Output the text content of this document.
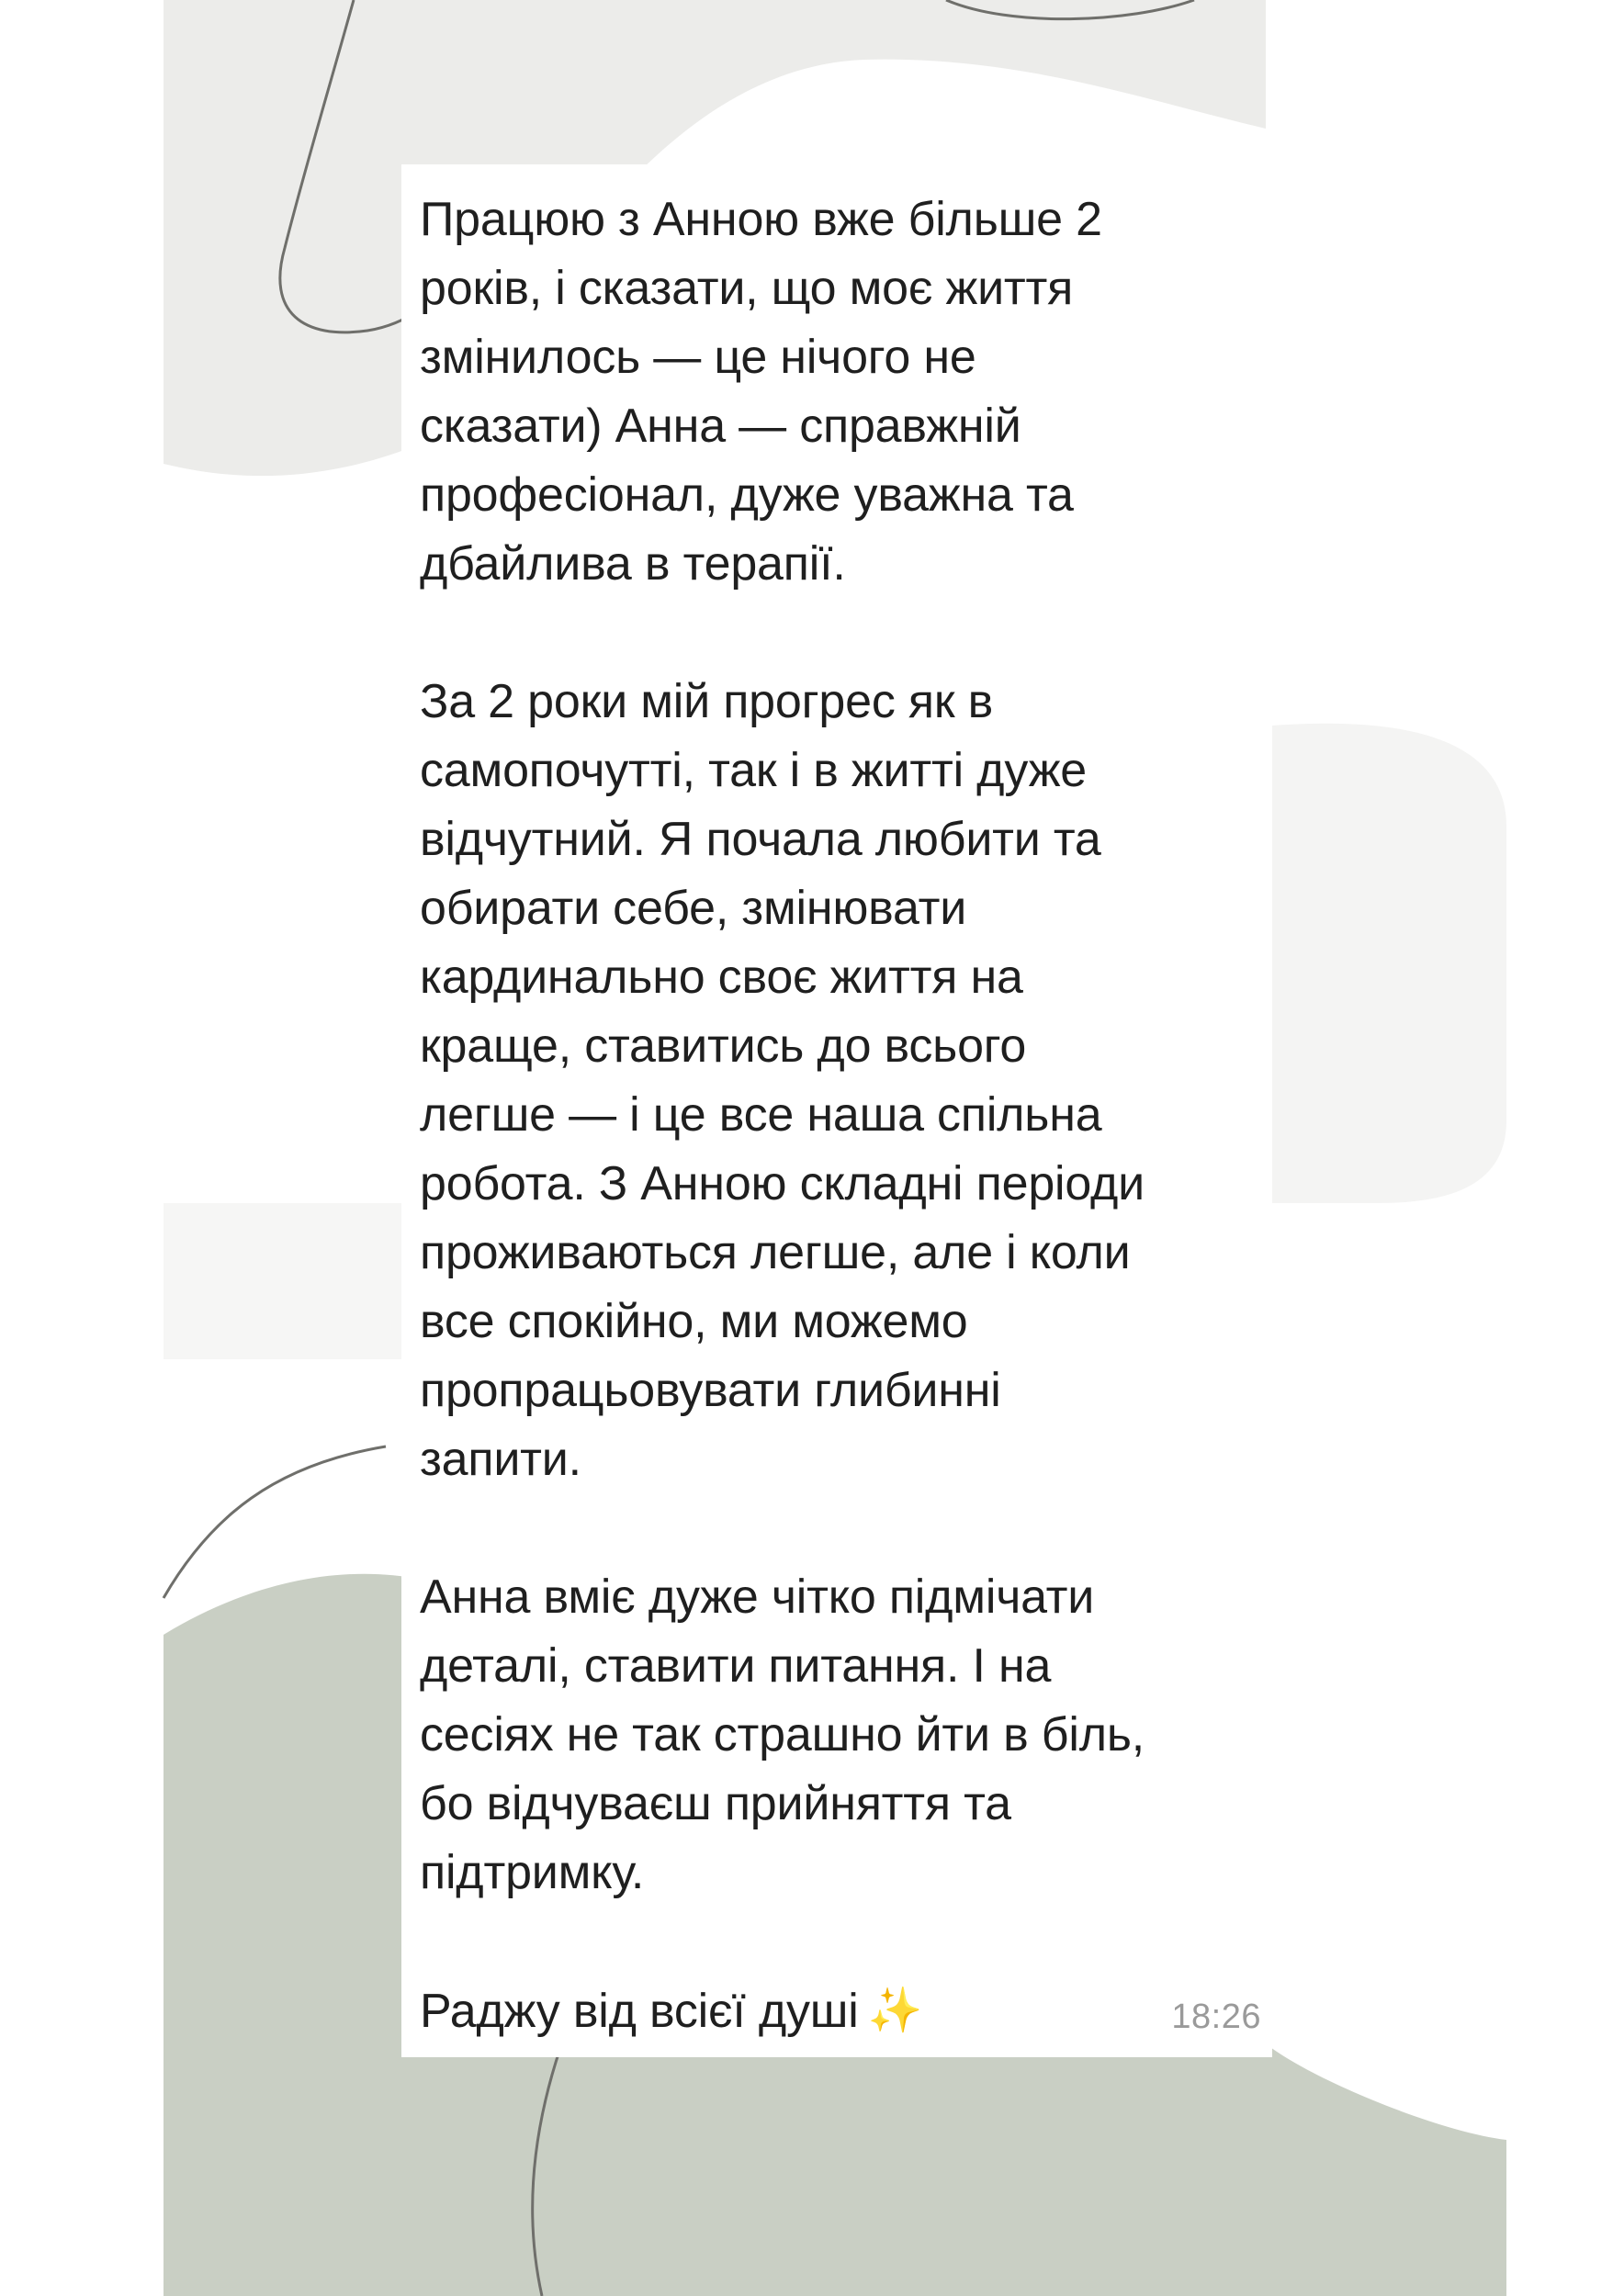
Працюю з Анною вже більше 2
років, і сказати, що моє життя
змінилось — це нічого не
сказати) Анна — справжній
професіонал, дуже уважна та
дбайлива в терапії.
За 2 роки мій прогрес як в
самопочутті, так і в житті дуже
відчутний. Я почала любити та
обирати себе, змінювати
кардинально своє життя на
краще, ставитись до всього
легше — і це все наша спільна
робота. З Анною складні періоди
проживаються легше, але і коли
все спокійно, ми можемо
пропрацьовувати глибинні
запити.
Анна вміє дуже чітко підмічати
деталі, ставити питання. І на
сесіях не так страшно йти в біль,
бо відчуваєш прийняття та
підтримку.
Раджу від всієї душі ✨	18:26
